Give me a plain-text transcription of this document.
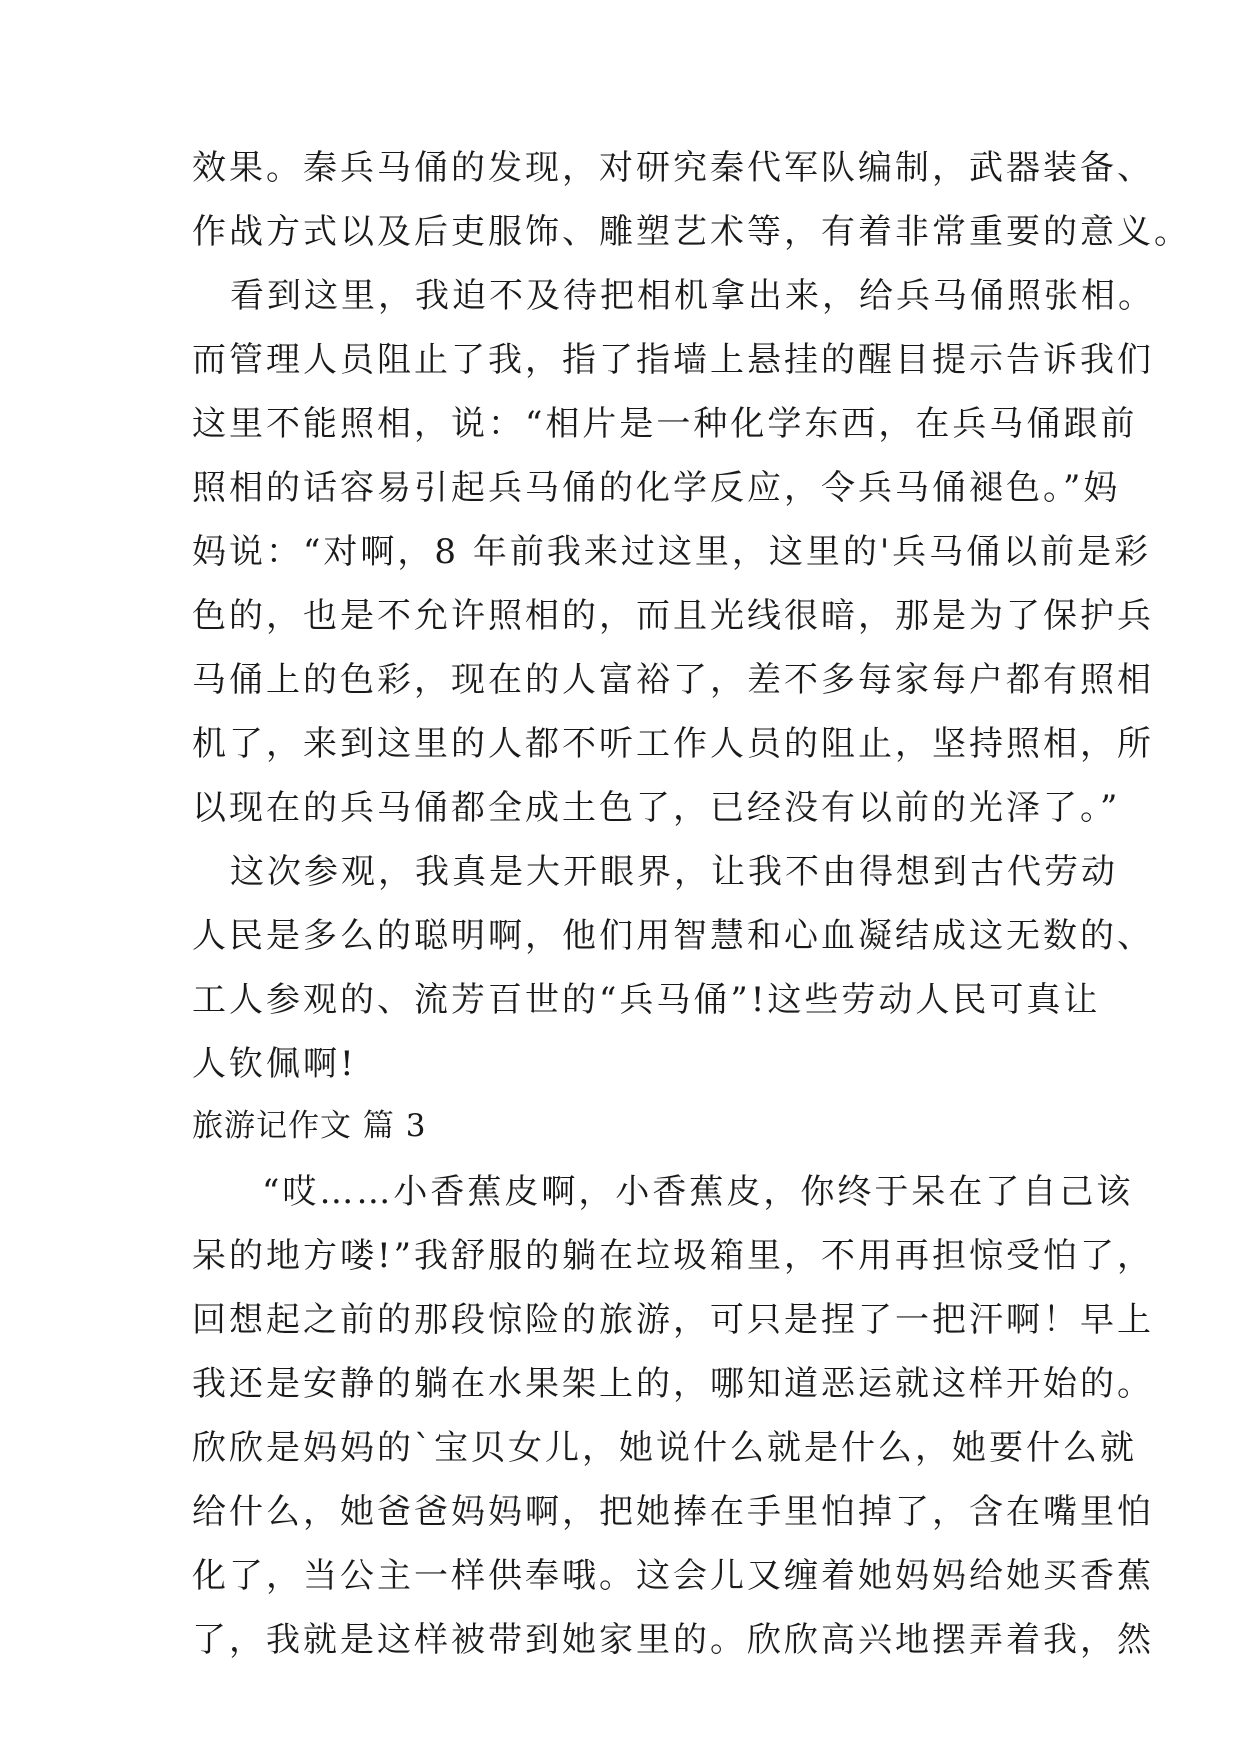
效果。秦兵马俑的发现，对研究秦代军队编制，武器装备、
作战方式以及后吏服饰、雕塑艺术等，有着非常重要的意义。
看到这里，我迫不及待把相机拿出来，给兵马俑照张相。
而管理人员阻止了我，指了指墙上悬挂的醒目提示告诉我们
这里不能照相，说：“相片是一种化学东西，在兵马俑跟前
照相的话容易引起兵马俑的化学反应，令兵马俑褪色。”妈
妈说：“对啊，8 年前我来过这里，这里的'兵马俑以前是彩
色的，也是不允许照相的，而且光线很暗，那是为了保护兵
马俑上的色彩，现在的人富裕了，差不多每家每户都有照相
机了，来到这里的人都不听工作人员的阻止，坚持照相，所
以现在的兵马俑都全成土色了，已经没有以前的光泽了。”
这次参观，我真是大开眼界，让我不由得想到古代劳动
人民是多么的聪明啊，他们用智慧和心血凝结成这无数的、
工人参观的、流芳百世的“兵马俑”!这些劳动人民可真让
人钦佩啊!
旅游记作文 篇 3
“哎……小香蕉皮啊，小香蕉皮，你终于呆在了自己该
呆的地方喽!”我舒服的躺在垃圾箱里，不用再担惊受怕了，
回想起之前的那段惊险的旅游，可只是捏了一把汗啊！早上
我还是安静的躺在水果架上的，哪知道恶运就这样开始的。
欣欣是妈妈的`宝贝女儿，她说什么就是什么，她要什么就
给什么，她爸爸妈妈啊，把她捧在手里怕掉了，含在嘴里怕
化了，当公主一样供奉哦。这会儿又缠着她妈妈给她买香蕉
了，我就是这样被带到她家里的。欣欣高兴地摆弄着我，然
